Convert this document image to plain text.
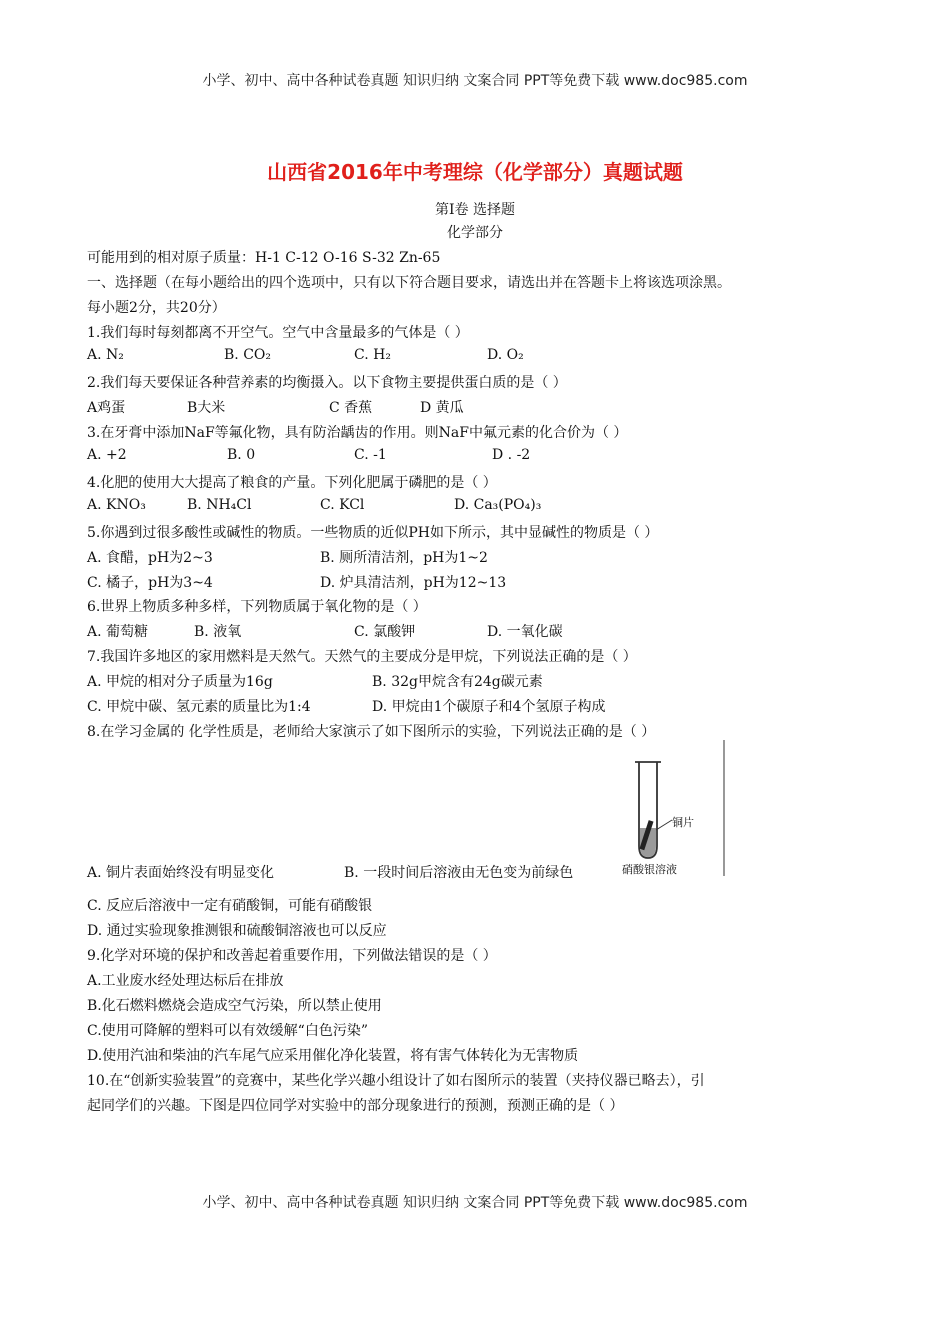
小学、初中、高中各种试卷真题 知识归纳 文案合同 PPT等免费下载 www.doc985.com
山西省2016年中考理综（化学部分）真题试题
第Ⅰ卷 选择题
化学部分
可能用到的相对原子质量：H-1 C-12 O-16 S-32 Zn-65
一、选择题（在每小题给出的四个选项中，只有以下符合题目要求，请选出并在答题卡上将该选项涂黑。
每小题2分，共20分）
1.我们每时每刻都离不开空气。空气中含量最多的气体是（ ）
A. N₂	B. CO₂	C. H₂	D. O₂
2.我们每天要保证各种营养素的均衡摄入。以下食物主要提供蛋白质的是（ ）
A鸡蛋	B大米	C 香蕉	D 黄瓜
3.在牙膏中添加NaF等氟化物，具有防治龋齿的作用。则NaF中氟元素的化合价为（ ）
A. +2	B. 0	C. -1	D . -2
4.化肥的使用大大提高了粮食的产量。下列化肥属于磷肥的是（ ）
A. KNO₃	B. NH₄Cl	C. KCl	D. Ca₃(PO₄)₃
5.你遇到过很多酸性或碱性的物质。一些物质的近似PH如下所示，其中显碱性的物质是（ ）
A. 食醋，pH为2~3	B. 厕所清洁剂，pH为1~2
C. 橘子，pH为3~4	D. 炉具清洁剂，pH为12~13
6.世界上物质多种多样，下列物质属于氧化物的是（ ）
A. 葡萄糖	B. 液氧	C. 氯酸钾	D. 一氧化碳
7.我国许多地区的家用燃料是天然气。天然气的主要成分是甲烷，下列说法正确的是（ ）
A. 甲烷的相对分子质量为16g	B. 32g甲烷含有24g碳元素
C. 甲烷中碳、氢元素的质量比为1:4	D. 甲烷由1个碳原子和4个氢原子构成
8.在学习金属的 化学性质是，老师给大家演示了如下图所示的实验，下列说法正确的是（ ）
铜片
硝酸银溶液
A. 铜片表面始终没有明显变化	B. 一段时间后溶液由无色变为前绿色
C. 反应后溶液中一定有硝酸铜，可能有硝酸银
D. 通过实验现象推测银和硫酸铜溶液也可以反应
9.化学对环境的保护和改善起着重要作用，下列做法错误的是（ ）
A.工业废水经处理达标后在排放
B.化石燃料燃烧会造成空气污染，所以禁止使用
C.使用可降解的塑料可以有效缓解“白色污染”
D.使用汽油和柴油的汽车尾气应采用催化净化装置，将有害气体转化为无害物质
10.在“创新实验装置”的竞赛中，某些化学兴趣小组设计了如右图所示的装置（夹持仪器已略去），引
起同学们的兴趣。下图是四位同学对实验中的部分现象进行的预测，预测正确的是（ ）
小学、初中、高中各种试卷真题 知识归纳 文案合同 PPT等免费下载 www.doc985.com
